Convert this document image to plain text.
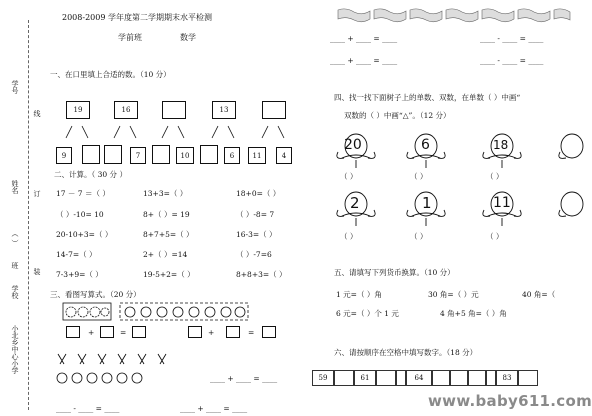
学号
姓名
（ ）
班
学校
小北乡中心小学
线
订
装
2008-2009 学年度第二学期期末水平检测
学前班	数学
一、在口里填上合适的数。（10 分）
19	16	13
9	7	10	6	11	4
二、计算。（ 30 分 ）
17 － 7 ＝（ ）	13+3=（ ）	18+0=（ ）
（ ）-10= 10	8+（ ）= 19	（ ）-8= 7
20-10+3=（ ）	8+7+5=（ ）	16-3=（ ）
14-7=（ ）	2+（ ）=14	（ ）-7=6
7-3+9=（ ）	19-5+2=（ ）	8+8+3=（ ）
三、看图写算式。（20 分）
+	=	+	=
____ + ____ = ____
____ - ____ = ____	____ + ____ = ____
____ + ____ = ____	____ - ____ = ____
____ + ____ = ____	____ - ____ = ____
四、找一找下面树子上的单数、双数，在单数（ ）中画“
双数的（ ）中画“△”。（12 分）
20	6	18
（ ）	（ ）	（ ）
2	1	11
（ ）	（ ）	（ ）
五、请填写下列货币换算。（10 分）
1 元=（ ）角	30 角=（ ）元	40 角=（
6 元=（ ）个 1 元	4 角+5 角=（ ）角
六、请按顺序在空格中填写数字。（18 分）
59	61	64	83
www.baby611.com
